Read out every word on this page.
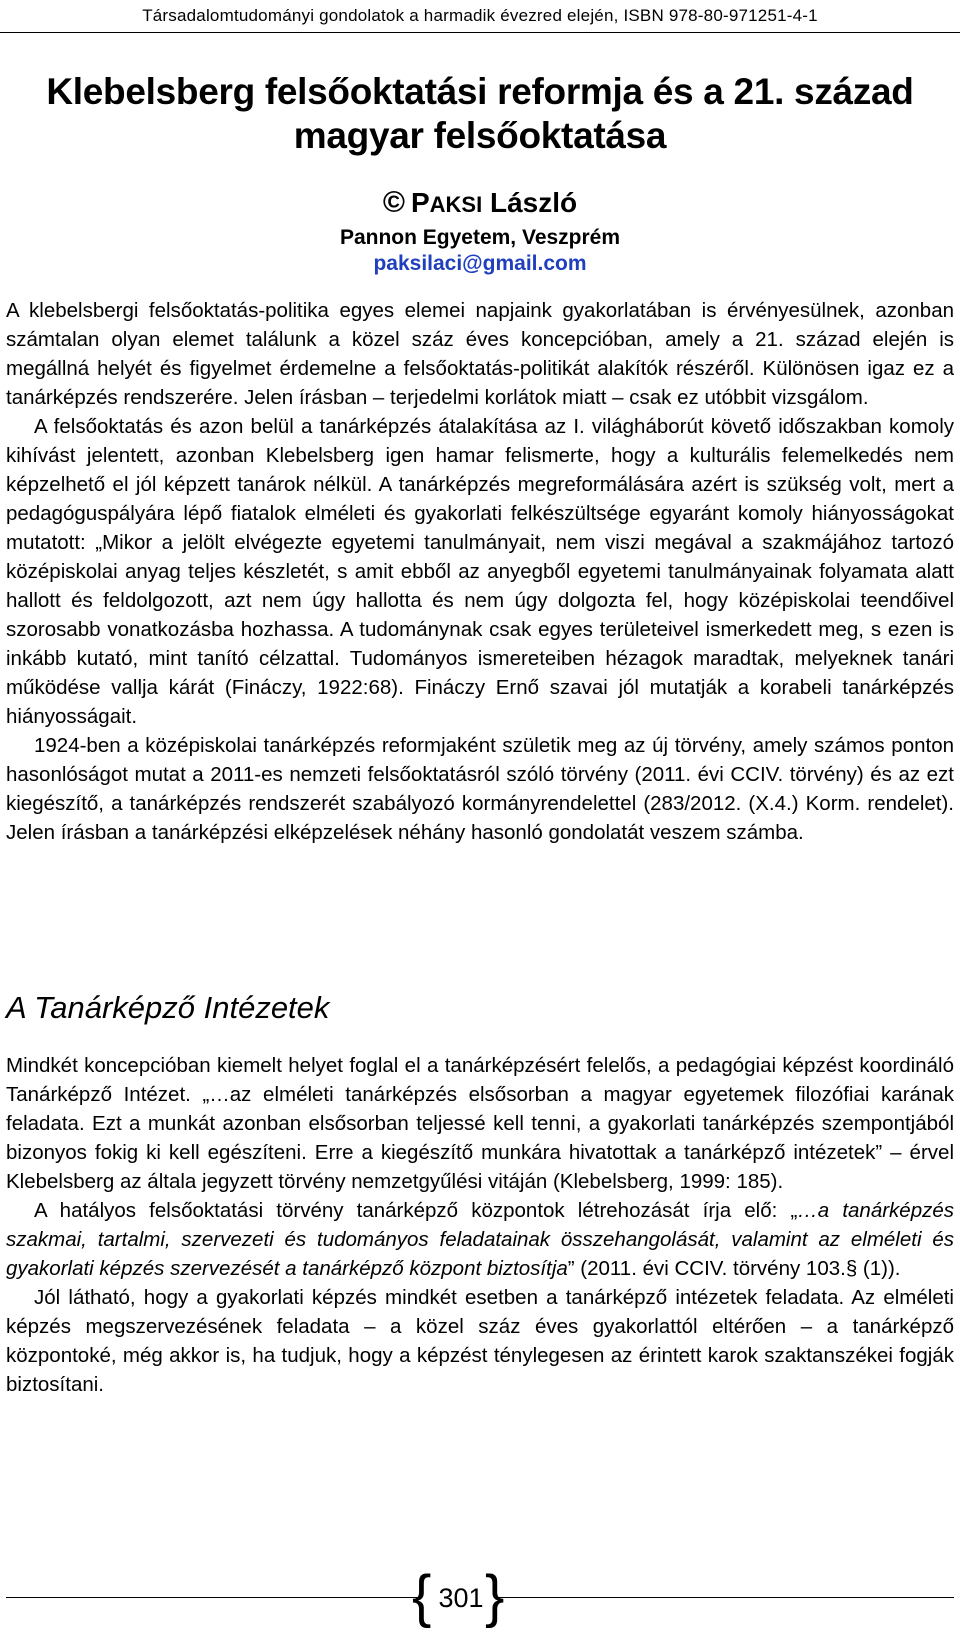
Társadalomtudományi gondolatok a harmadik évezred elején, ISBN 978-80-971251-4-1
Klebelsberg felsőoktatási reformja és a 21. század
magyar felsőoktatása
© PAKSI László
Pannon Egyetem, Veszprém
paksilaci@gmail.com

A klebelsbergi felsőoktatás-politika egyes elemei napjaink gyakorlatában is érvényesülnek, azonban számtalan olyan elemet találunk a közel száz éves koncepcióban, amely a 21. század elején is megállná helyét és figyelmet érdemelne a felsőoktatás-politikát alakítók részéről. Különösen igaz ez a tanárképzés rendszerére. Jelen írásban – terjedelmi korlátok miatt – csak ez utóbbit vizsgálom.

A felsőoktatás és azon belül a tanárképzés átalakítása az I. világháborút követő időszakban komoly kihívást jelentett, azonban Klebelsberg igen hamar felismerte, hogy a kulturális felemelkedés nem képzelhető el jól képzett tanárok nélkül. A tanárképzés megreformálására azért is szükség volt, mert a pedagóguspályára lépő fiatalok elméleti és gyakorlati felkészültsége egyaránt komoly hiányosságokat mutatott: „Mikor a jelölt elvégezte egyetemi tanulmányait, nem viszi megával a szakmájához tartozó középiskolai anyag teljes készletét, s amit ebből az anyegből egyetemi tanulmányainak folyamata alatt hallott és feldolgozott, azt nem úgy hallotta és nem úgy dolgozta fel, hogy középiskolai teendőivel szorosabb vonatkozásba hozhassa. A tudománynak csak egyes területeivel ismerkedett meg, s ezen is inkább kutató, mint tanító célzattal. Tudományos ismereteiben hézagok maradtak, melyeknek tanári működése vallja kárát (Fináczy, 1922:68). Fináczy Ernő szavai jól mutatják a korabeli tanárképzés hiányosságait.

1924-ben a középiskolai tanárképzés reformjaként születik meg az új törvény, amely számos ponton hasonlóságot mutat a 2011-es nemzeti felsőoktatásról szóló törvény (2011. évi CCIV. törvény) és az ezt kiegészítő, a tanárképzés rendszerét szabályozó kormányrendelettel (283/2012. (X.4.) Korm. rendelet). Jelen írásban a tanárképzési elképzelések néhány hasonló gondolatát veszem számba.

A Tanárképző Intézetek

Mindkét koncepcióban kiemelt helyet foglal el a tanárképzésért felelős, a pedagógiai képzést koordináló Tanárképző Intézet. „…az elméleti tanárképzés elsősorban a magyar egyetemek filozófiai karának feladata. Ezt a munkát azonban elsősorban teljessé kell tenni, a gyakorlati tanárképzés szempontjából bizonyos fokig ki kell egészíteni. Erre a kiegészítő munkára hivatottak a tanárképző intézetek” – érvel Klebelsberg az általa jegyzett törvény nemzetgyűlési vitáján (Klebelsberg, 1999: 185).

A hatályos felsőoktatási törvény tanárképző központok létrehozását írja elő: „…a tanárképzés szakmai, tartalmi, szervezeti és tudományos feladatainak összehangolását, valamint az elméleti és gyakorlati képzés szervezését a tanárképző központ biztosítja” (2011. évi CCIV. törvény 103.§ (1)).

Jól látható, hogy a gyakorlati képzés mindkét esetben a tanárképző intézetek feladata. Az elméleti képzés megszervezésének feladata – a közel száz éves gyakorlattól eltérően – a tanárképző központoké, még akkor is, ha tudjuk, hogy a képzést ténylegesen az érintett karok szaktanszékei fogják biztosítani.

{ 301 }
